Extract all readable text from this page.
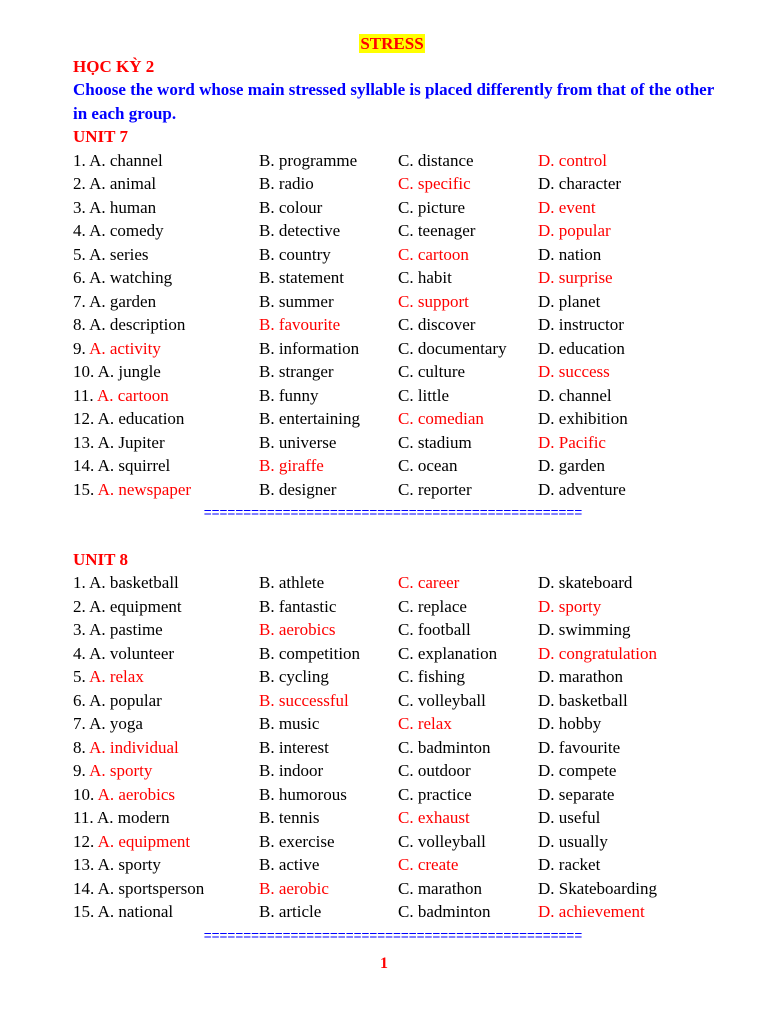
STRESS
HỌC KỲ 2
Choose the word whose main stressed syllable is placed differently from that of the other in each group.
UNIT 7
1. A. channel	B. programme	C. distance	D. control
2. A. animal	B. radio	C. specific	D. character
3. A. human	B. colour	C. picture	D. event
4. A. comedy	B. detective	C. teenager	D. popular
5. A. series	B. country	C. cartoon	D. nation
6. A. watching	B. statement	C. habit	D. surprise
7. A. garden	B. summer	C. support	D. planet
8. A. description	B. favourite	C. discover	D. instructor
9. A. activity	B. information	C. documentary	D. education
10. A. jungle	B. stranger	C. culture	D. success
11. A. cartoon	B. funny	C. little	D. channel
12. A. education	B. entertaining	C. comedian	D. exhibition
13. A. Jupiter	B. universe	C. stadium	D. Pacific
14. A. squirrel	B. giraffe	C. ocean	D. garden
15. A. newspaper	B. designer	C. reporter	D. adventure
================================================
UNIT 8
1. A. basketball	B. athlete	C. career	D. skateboard
2. A. equipment	B. fantastic	C. replace	D. sporty
3. A. pastime	B. aerobics	C. football	D. swimming
4. A. volunteer	B. competition	C. explanation	D. congratulation
5. A. relax	B. cycling	C. fishing	D. marathon
6. A. popular	B. successful	C. volleyball	D. basketball
7. A. yoga	B. music	C. relax	D. hobby
8. A. individual	B. interest	C. badminton	D. favourite
9. A. sporty	B. indoor	C. outdoor	D. compete
10. A. aerobics	B. humorous	C. practice	D. separate
11. A. modern	B. tennis	C. exhaust	D. useful
12. A. equipment	B. exercise	C. volleyball	D. usually
13. A. sporty	B. active	C. create	D. racket
14. A. sportsperson	B. aerobic	C. marathon	D. Skateboarding
15. A. national	B. article	C. badminton	D. achievement
================================================
1
